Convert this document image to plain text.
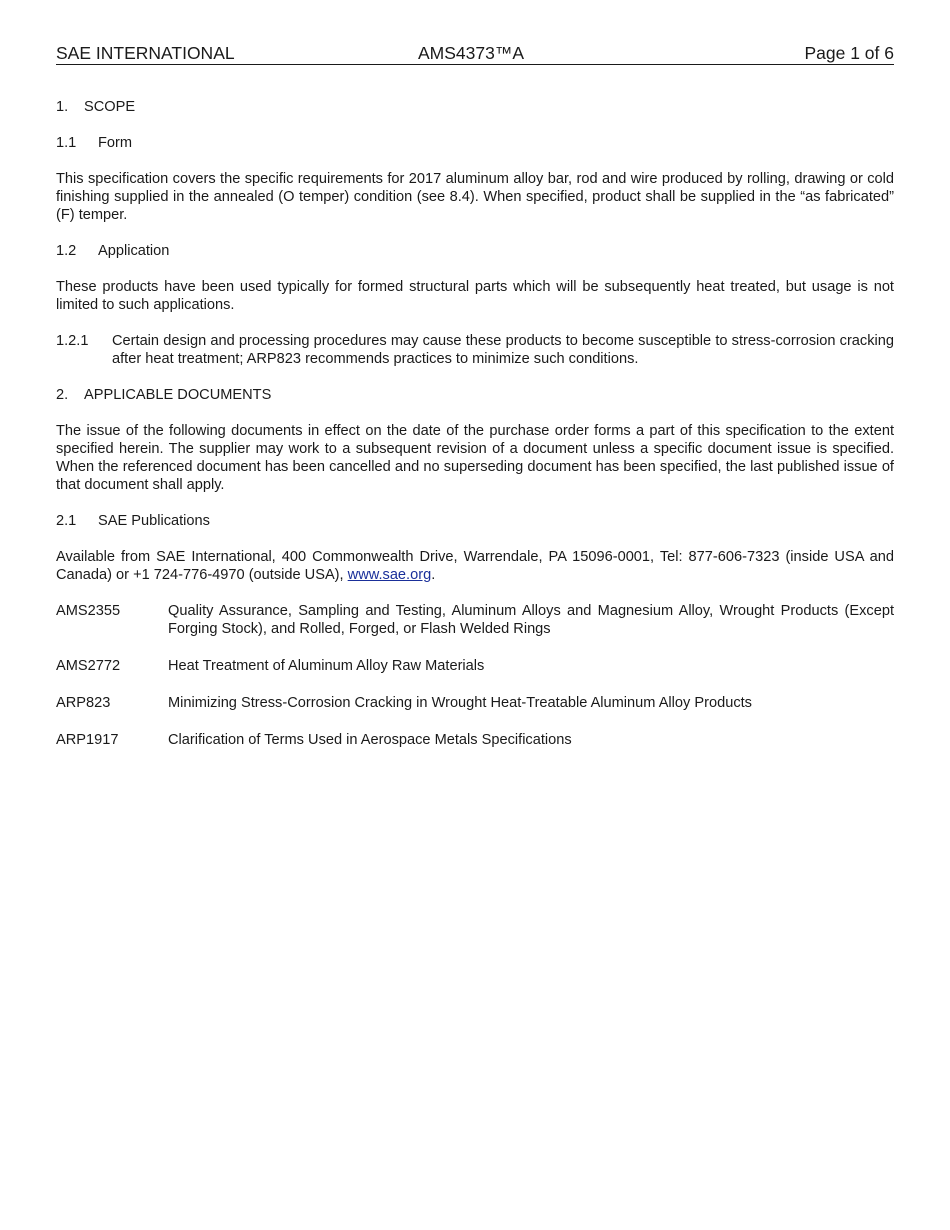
SAE INTERNATIONAL	AMS4373™A	Page 1 of 6
1. SCOPE
1.1 Form

This specification covers the specific requirements for 2017 aluminum alloy bar, rod and wire produced by rolling, drawing or cold finishing supplied in the annealed (O temper) condition (see 8.4). When specified, product shall be supplied in the “as fabricated” (F) temper.

1.2 Application

These products have been used typically for formed structural parts which will be subsequently heat treated, but usage is not limited to such applications.

1.2.1	Certain design and processing procedures may cause these products to become susceptible to stress-corrosion cracking after heat treatment; ARP823 recommends practices to minimize such conditions.
2. APPLICABLE DOCUMENTS

The issue of the following documents in effect on the date of the purchase order forms a part of this specification to the extent specified herein. The supplier may work to a subsequent revision of a document unless a specific document issue is specified. When the referenced document has been cancelled and no superseding document has been specified, the last published issue of that document shall apply.

2.1 SAE Publications

Available from SAE International, 400 Commonwealth Drive, Warrendale, PA 15096-0001, Tel: 877-606-7323 (inside USA and Canada) or +1 724-776-4970 (outside USA), www.sae.org.

AMS2355	Quality Assurance, Sampling and Testing, Aluminum Alloys and Magnesium Alloy, Wrought Products (Except Forging Stock), and Rolled, Forged, or Flash Welded Rings
AMS2772	Heat Treatment of Aluminum Alloy Raw Materials
ARP823	Minimizing Stress-Corrosion Cracking in Wrought Heat-Treatable Aluminum Alloy Products
ARP1917	Clarification of Terms Used in Aerospace Metals Specifications
